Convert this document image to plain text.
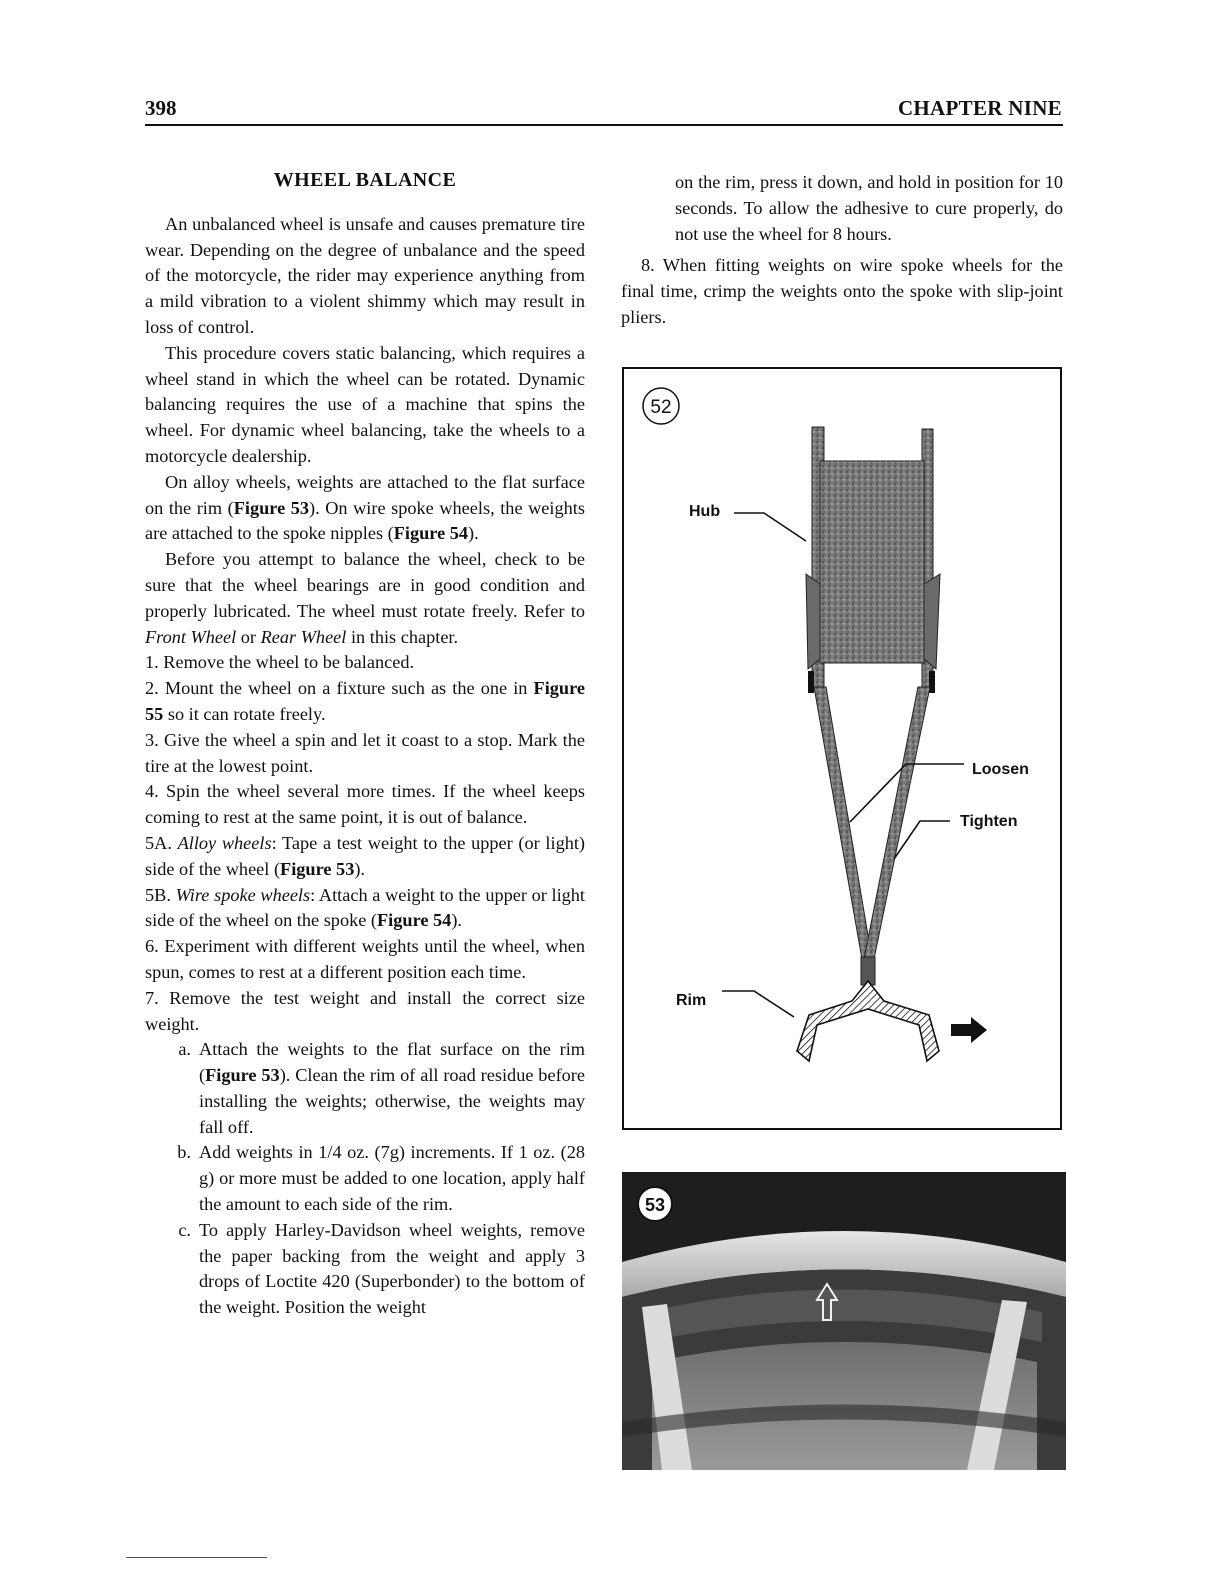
398	CHAPTER NINE
WHEEL BALANCE

An unbalanced wheel is unsafe and causes premature tire wear. Depending on the degree of unbalance and the speed of the motorcycle, the rider may experience anything from a mild vibration to a violent shimmy which may result in loss of control.

This procedure covers static balancing, which requires a wheel stand in which the wheel can be rotated. Dynamic balancing requires the use of a machine that spins the wheel. For dynamic wheel balancing, take the wheels to a motorcycle dealership.

On alloy wheels, weights are attached to the flat surface on the rim (Figure 53). On wire spoke wheels, the weights are attached to the spoke nipples (Figure 54).

Before you attempt to balance the wheel, check to be sure that the wheel bearings are in good condition and properly lubricated. The wheel must rotate freely. Refer to Front Wheel or Rear Wheel in this chapter.

1. Remove the wheel to be balanced.

2. Mount the wheel on a fixture such as the one in Figure 55 so it can rotate freely.

3. Give the wheel a spin and let it coast to a stop. Mark the tire at the lowest point.

4. Spin the wheel several more times. If the wheel keeps coming to rest at the same point, it is out of balance.

5A. Alloy wheels: Tape a test weight to the upper (or light) side of the wheel (Figure 53).

5B. Wire spoke wheels: Attach a weight to the upper or light side of the wheel on the spoke (Figure 54).

6. Experiment with different weights until the wheel, when spun, comes to rest at a different position each time.

7. Remove the test weight and install the correct size weight.

a. Attach the weights to the flat surface on the rim (Figure 53). Clean the rim of all road residue before installing the weights; otherwise, the weights may fall off.
b. Add weights in 1/4 oz. (7g) increments. If 1 oz. (28 g) or more must be added to one location, apply half the amount to each side of the rim.
c. To apply Harley-Davidson wheel weights, remove the paper backing from the weight and apply 3 drops of Loctite 420 (Superbonder) to the bottom of the weight. Position the weight

on the rim, press it down, and hold in position for 10 seconds. To allow the adhesive to cure properly, do not use the wheel for 8 hours.

8. When fitting weights on wire spoke wheels for the final time, crimp the weights onto the spoke with slip-joint pliers.

52
Hub
Loosen
Tighten
Rim
53
